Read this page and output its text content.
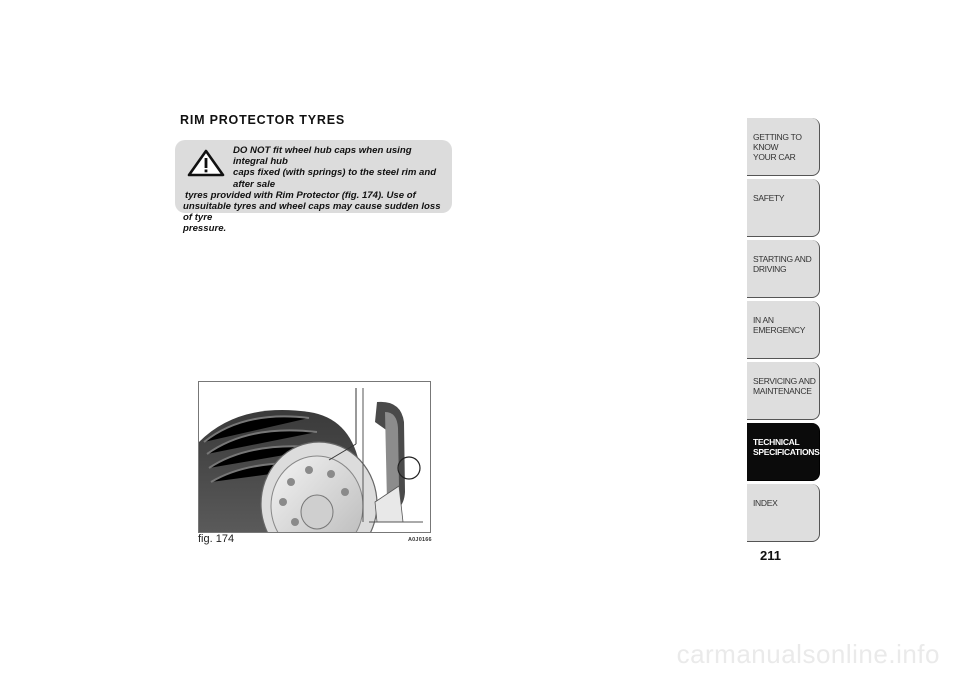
RIM PROTECTOR TYRES
DO NOT fit wheel hub caps when using integral hub
caps fixed (with springs) to the steel rim and after sale
tyres provided with Rim Protector (fig. 174). Use of
unsuitable tyres and wheel caps may cause sudden loss of tyre
pressure.
fig. 174	A0J0166
GETTING TO KNOW
YOUR CAR
SAFETY
STARTING AND
DRIVING
IN AN EMERGENCY
SERVICING AND
MAINTENANCE
TECHNICAL
SPECIFICATIONS
INDEX
211
carmanualsonline.info
